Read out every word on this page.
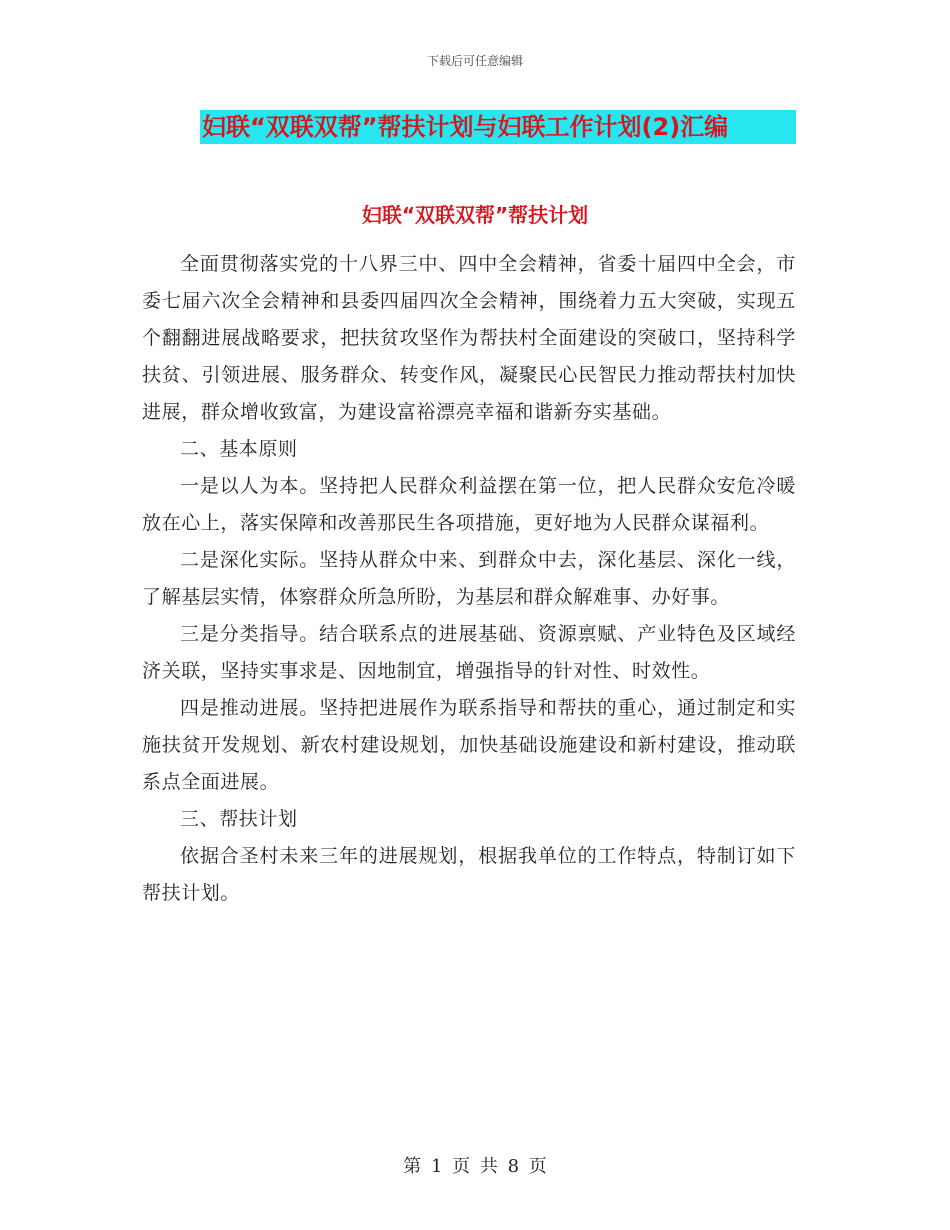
下载后可任意编辑
妇联“双联双帮”帮扶计划与妇联工作计划(2)汇编
妇联“双联双帮”帮扶计划

全面贯彻落实党的十八界三中、四中全会精神，省委十届四中全会，市委七届六次全会精神和县委四届四次全会精神，围绕着力五大突破，实现五个翻翻进展战略要求，把扶贫攻坚作为帮扶村全面建设的突破口，坚持科学扶贫、引领进展、服务群众、转变作风，凝聚民心民智民力推动帮扶村加快进展，群众增收致富，为建设富裕漂亮幸福和谐新夯实基础。

二、基本原则

一是以人为本。坚持把人民群众利益摆在第一位，把人民群众安危冷暖放在心上，落实保障和改善那民生各项措施，更好地为人民群众谋福利。

二是深化实际。坚持从群众中来、到群众中去，深化基层、深化一线，了解基层实情，体察群众所急所盼，为基层和群众解难事、办好事。

三是分类指导。结合联系点的进展基础、资源禀赋、产业特色及区域经济关联，坚持实事求是、因地制宜，增强指导的针对性、时效性。

四是推动进展。坚持把进展作为联系指导和帮扶的重心，通过制定和实施扶贫开发规划、新农村建设规划，加快基础设施建设和新村建设，推动联系点全面进展。

三、帮扶计划

依据合圣村未来三年的进展规划，根据我单位的工作特点，特制订如下帮扶计划。

第 1 页 共 8 页
